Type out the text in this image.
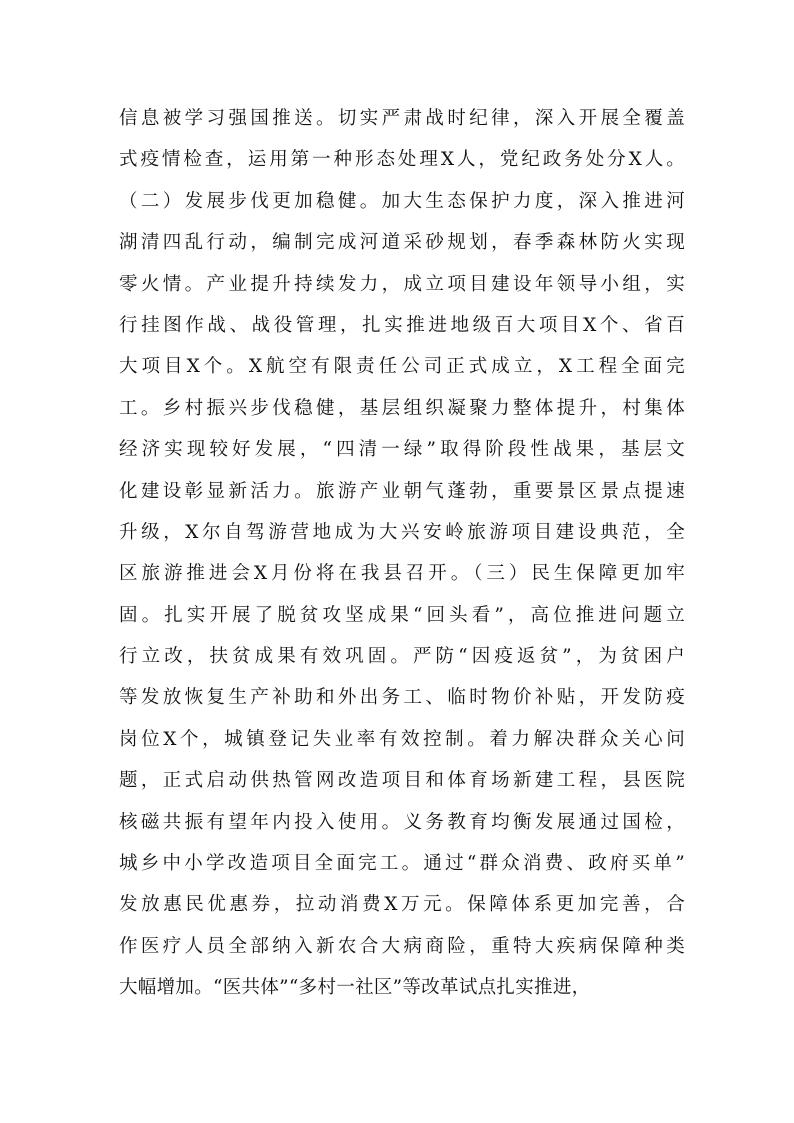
信息被学习强国推送。切实严肃战时纪律，深入开展全覆盖
式疫情检查，运用第一种形态处理X人，党纪政务处分X人。
（二）发展步伐更加稳健。加大生态保护力度，深入推进河
湖清四乱行动，编制完成河道采砂规划，春季森林防火实现
零火情。产业提升持续发力，成立项目建设年领导小组，实
行挂图作战、战役管理，扎实推进地级百大项目X个、省百
大项目X个。X航空有限责任公司正式成立，X工程全面完
工。乡村振兴步伐稳健，基层组织凝聚力整体提升，村集体
经济实现较好发展，“四清一绿”取得阶段性战果，基层文
化建设彰显新活力。旅游产业朝气蓬勃，重要景区景点提速
升级，X尔自驾游营地成为大兴安岭旅游项目建设典范，全
区旅游推进会X月份将在我县召开。（三）民生保障更加牢
固。扎实开展了脱贫攻坚成果“回头看”，高位推进问题立
行立改，扶贫成果有效巩固。严防“因疫返贫”，为贫困户
等发放恢复生产补助和外出务工、临时物价补贴，开发防疫
岗位X个，城镇登记失业率有效控制。着力解决群众关心问
题，正式启动供热管网改造项目和体育场新建工程，县医院
核磁共振有望年内投入使用。义务教育均衡发展通过国检，
城乡中小学改造项目全面完工。通过“群众消费、政府买单”
发放惠民优惠券，拉动消费X万元。保障体系更加完善，合
作医疗人员全部纳入新农合大病商险，重特大疾病保障种类
大幅增加。“医共体”“多村一社区”等改革试点扎实推进，
